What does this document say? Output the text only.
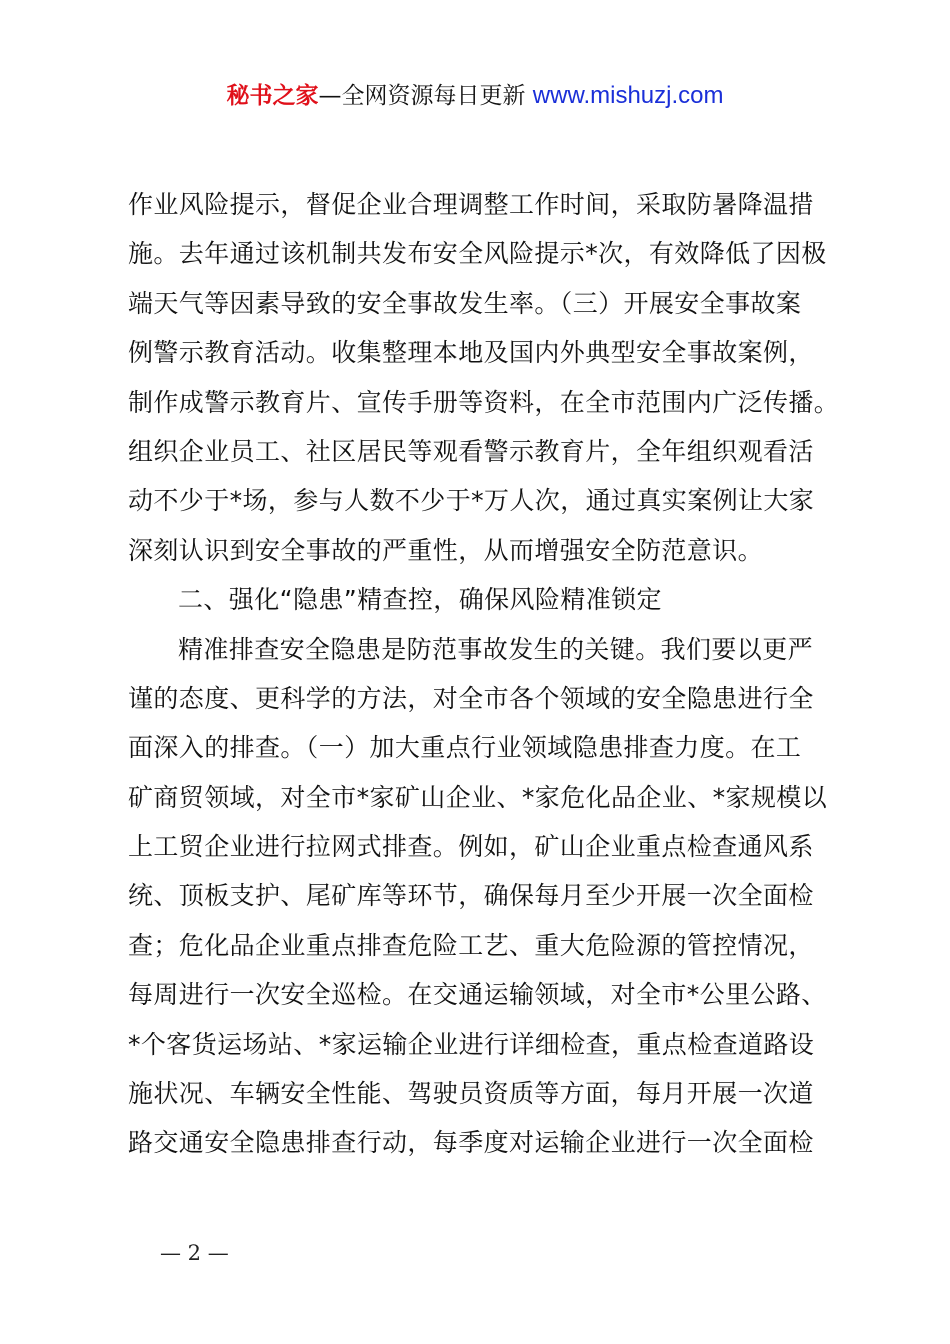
秘书之家—全网资源每日更新 www.mishuzj.com
作业风险提示，督促企业合理调整工作时间，采取防暑降温措
施。去年通过该机制共发布安全风险提示*次，有效降低了因极
端天气等因素导致的安全事故发生率。（三）开展安全事故案
例警示教育活动。收集整理本地及国内外典型安全事故案例，
制作成警示教育片、宣传手册等资料，在全市范围内广泛传播。
组织企业员工、社区居民等观看警示教育片，全年组织观看活
动不少于*场，参与人数不少于*万人次，通过真实案例让大家
深刻认识到安全事故的严重性，从而增强安全防范意识。
二、强化“隐患”精查控，确保风险精准锁定
精准排查安全隐患是防范事故发生的关键。我们要以更严
谨的态度、更科学的方法，对全市各个领域的安全隐患进行全
面深入的排查。（一）加大重点行业领域隐患排查力度。在工
矿商贸领域，对全市*家矿山企业、*家危化品企业、*家规模以
上工贸企业进行拉网式排查。例如，矿山企业重点检查通风系
统、顶板支护、尾矿库等环节，确保每月至少开展一次全面检
查；危化品企业重点排查危险工艺、重大危险源的管控情况，
每周进行一次安全巡检。在交通运输领域，对全市*公里公路、
*个客货运场站、*家运输企业进行详细检查，重点检查道路设
施状况、车辆安全性能、驾驶员资质等方面，每月开展一次道
路交通安全隐患排查行动，每季度对运输企业进行一次全面检
— 2 —
